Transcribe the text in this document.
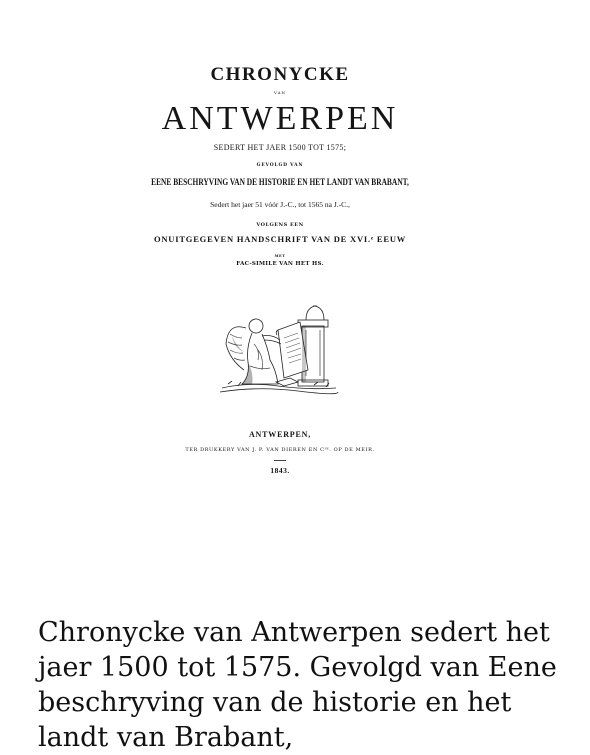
CHRONYCKE
VAN
ANTWERPEN
SEDERT HET JAER 1500 TOT 1575;
GEVOLGD VAN
EENE BESCHRYVING VAN DE HISTORIE EN HET LANDT VAN BRABANT,
Sedert het jaer 51 vóór J.-C., tot 1565 na J.-C.,
VOLGENS EEN
ONUITGEGEVEN HANDSCHRIFT VAN DE XVI.ᵉ EEUW
MET
FAC-SIMILE VAN HET HS.
ANTWERPEN,
TER DRUKKERY VAN J. P. VAN DIEREN EN Cᴵᴱ. OP DE MEIR.
1843.

Chronycke van Antwerpen sedert het jaer 1500 tot 1575. Gevolgd van Eene beschryving van de historie en het landt van Brabant,
